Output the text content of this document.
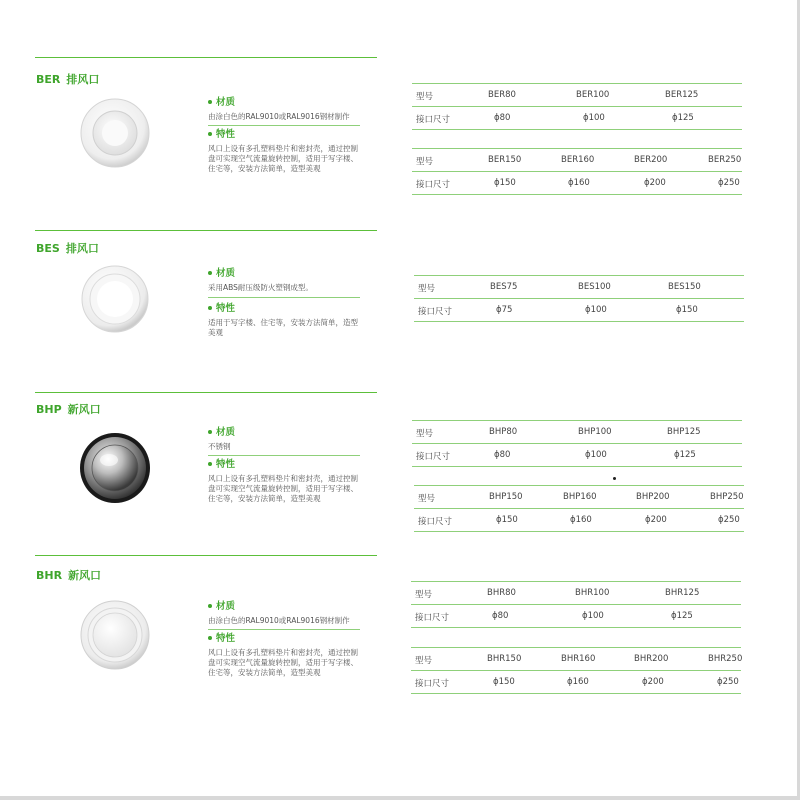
BER 排风口
材质
由涂白色的RAL9010或RAL9016钢材制作
特性
风口上设有多孔塑料垫片和密封壳，通过控制盘可实现空气流量旋转控制，适用于写字楼、住宅等，安装方法简单，造型美观
型号	BER80	BER100	BER125
接口尺寸	ϕ80	ϕ100	ϕ125
型号	BER150	BER160	BER200	BER250
接口尺寸	ϕ150	ϕ160	ϕ200	ϕ250
BES 排风口
材质
采用ABS耐压级防火塑钢成型。
特性
适用于写字楼、住宅等，安装方法简单，造型美观
型号	BES75	BES100	BES150
接口尺寸	ϕ75	ϕ100	ϕ150
BHP 新风口
材质
不锈钢
特性
风口上设有多孔塑料垫片和密封壳，通过控制盘可实现空气流量旋转控制，适用于写字楼、住宅等，安装方法简单，造型美观
型号	BHP80	BHP100	BHP125
接口尺寸	ϕ80	ϕ100	ϕ125
型号	BHP150	BHP160	BHP200	BHP250
接口尺寸	ϕ150	ϕ160	ϕ200	ϕ250
BHR 新风口
材质
由涂白色的RAL9010或RAL9016钢材制作
特性
风口上设有多孔塑料垫片和密封壳，通过控制盘可实现空气流量旋转控制，适用于写字楼、住宅等，安装方法简单，造型美观
型号	BHR80	BHR100	BHR125
接口尺寸	ϕ80	ϕ100	ϕ125
型号	BHR150	BHR160	BHR200	BHR250
接口尺寸	ϕ150	ϕ160	ϕ200	ϕ250
